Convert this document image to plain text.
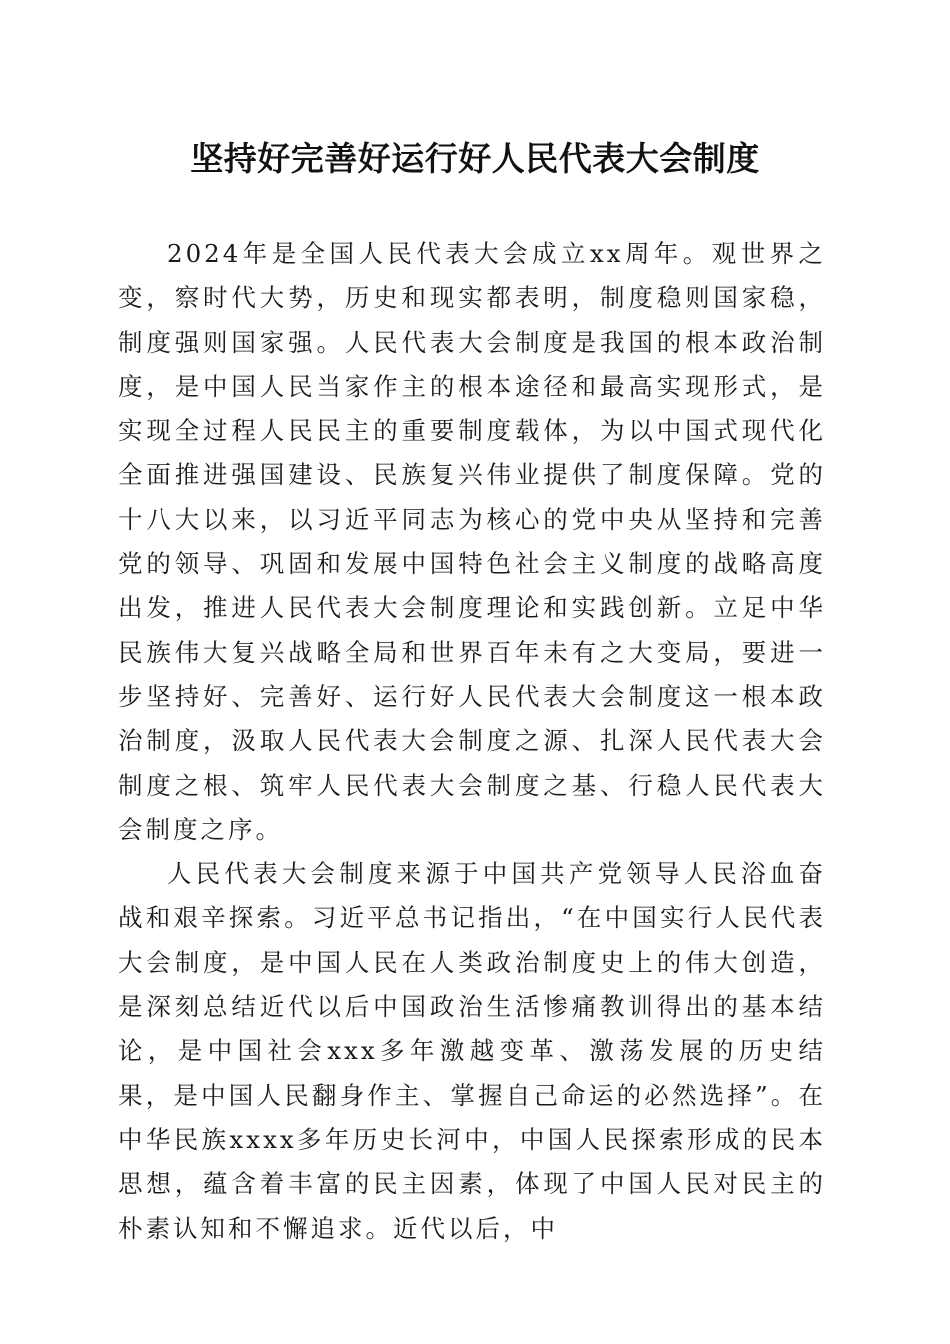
坚持好完善好运行好人民代表大会制度

2024年是全国人民代表大会成立xx周年。观世界之变，察时代大势，历史和现实都表明，制度稳则国家稳，制度强则国家强。人民代表大会制度是我国的根本政治制度，是中国人民当家作主的根本途径和最高实现形式，是实现全过程人民民主的重要制度载体，为以中国式现代化全面推进强国建设、民族复兴伟业提供了制度保障。党的十八大以来，以习近平同志为核心的党中央从坚持和完善党的领导、巩固和发展中国特色社会主义制度的战略高度出发，推进人民代表大会制度理论和实践创新。立足中华民族伟大复兴战略全局和世界百年未有之大变局，要进一步坚持好、完善好、运行好人民代表大会制度这一根本政治制度，汲取人民代表大会制度之源、扎深人民代表大会制度之根、筑牢人民代表大会制度之基、行稳人民代表大会制度之序。

人民代表大会制度来源于中国共产党领导人民浴血奋战和艰辛探索。习近平总书记指出，“在中国实行人民代表大会制度，是中国人民在人类政治制度史上的伟大创造，是深刻总结近代以后中国政治生活惨痛教训得出的基本结论，是中国社会xxx多年激越变革、激荡发展的历史结果，是中国人民翻身作主、掌握自己命运的必然选择”。在中华民族xxxx多年历史长河中，中国人民探索形成的民本思想，蕴含着丰富的民主因素，体现了中国人民对民主的朴素认知和不懈追求。近代以后，中
